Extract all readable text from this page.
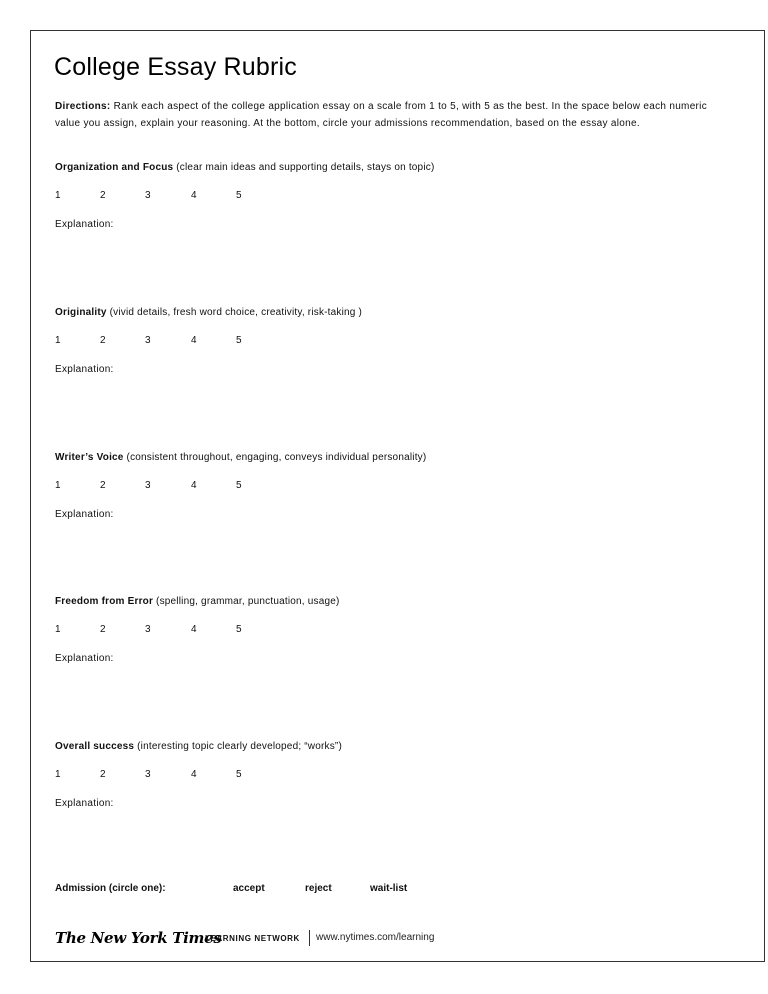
College Essay Rubric

Directions: Rank each aspect of the college application essay on a scale from 1 to 5, with 5 as the best. In the space below each numeric value you assign, explain your reasoning. At the bottom, circle your admissions recommendation, based on the essay alone.

Organization and Focus (clear main ideas and supporting details, stays on topic)

1	2	3	4	5
Explanation:

Originality (vivid details, fresh word choice, creativity, risk-taking )

1	2	3	4	5
Explanation:

Writer’s Voice (consistent throughout, engaging, conveys individual personality)

1	2	3	4	5
Explanation:

Freedom from Error (spelling, grammar, punctuation, usage)

1	2	3	4	5
Explanation:

Overall success (interesting topic clearly developed; “works”)

1	2	3	4	5
Explanation:
Admission (circle one):	accept	reject	wait-list
The New York Times
LEARNING NETWORK www.nytimes.com/learning
